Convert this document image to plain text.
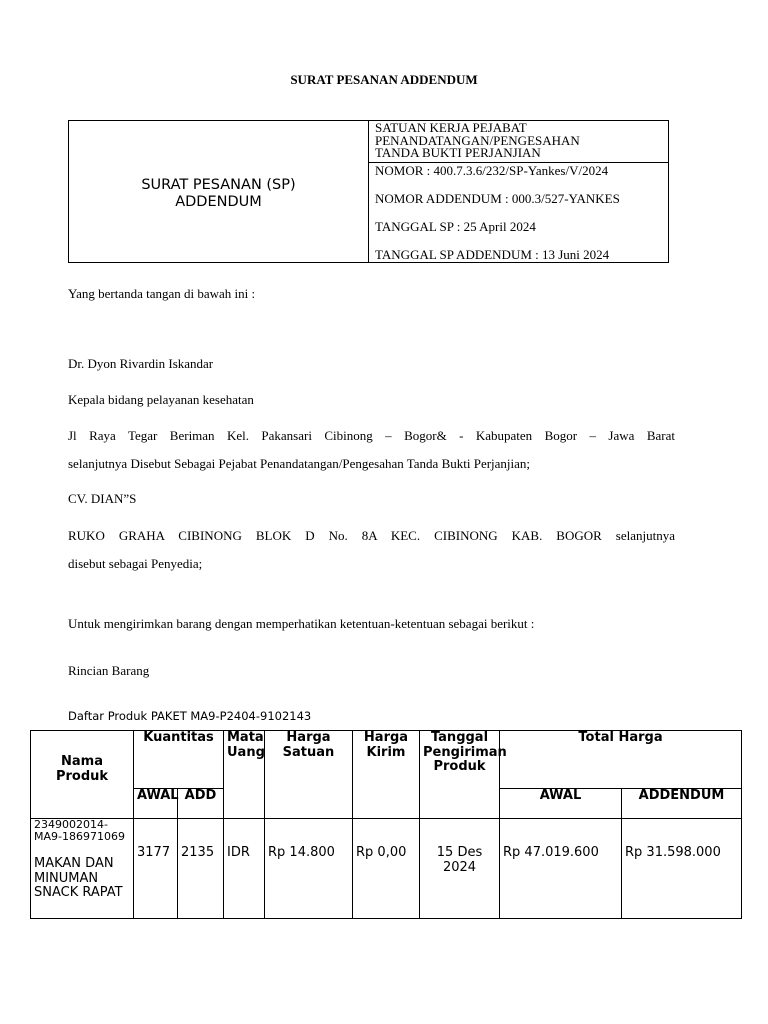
SURAT PESANAN ADDENDUM
SURAT PESANAN (SP)
ADDENDUM

SATUAN KERJA PEJABAT
PENANDATANGAN/PENGESAHAN
TANDA BUKTI PERJANJIAN
NOMOR : 400.7.3.6/232/SP-Yankes/V/2024
NOMOR ADDENDUM : 000.3/527-YANKES
TANGGAL SP : 25 April 2024
TANGGAL SP ADDENDUM : 13 Juni 2024
Yang bertanda tangan di bawah ini :
Dr. Dyon Rivardin Iskandar
Kepala bidang pelayanan kesehatan
Jl Raya Tegar Beriman Kel. Pakansari Cibinong – Bogor& - Kabupaten Bogor – Jawa Barat
selanjutnya Disebut Sebagai Pejabat Penandatangan/Pengesahan Tanda Bukti Perjanjian;
CV. DIAN”S
RUKO GRAHA CIBINONG BLOK D No. 8A KEC. CIBINONG KAB. BOGOR selanjutnya
disebut sebagai Penyedia;
Untuk mengirimkan barang dengan memperhatikan ketentuan-ketentuan sebagai berikut :
Rincian Barang
Daftar Produk PAKET MA9-P2404-9102143
Nama Produk	Kuantitas		Mata Uang	Harga Satuan	Harga Kirim	Tanggal Pengiriman Produk	Total Harga	
	AWAL	ADD					AWAL	ADDENDUM

2349002014-MA9-186971069
MAKAN DAN MINUMAN SNACK RAPAT	3177	2135	IDR	Rp 14.800	Rp 0,00	15 Des 2024	Rp 47.019.600	Rp 31.598.000
